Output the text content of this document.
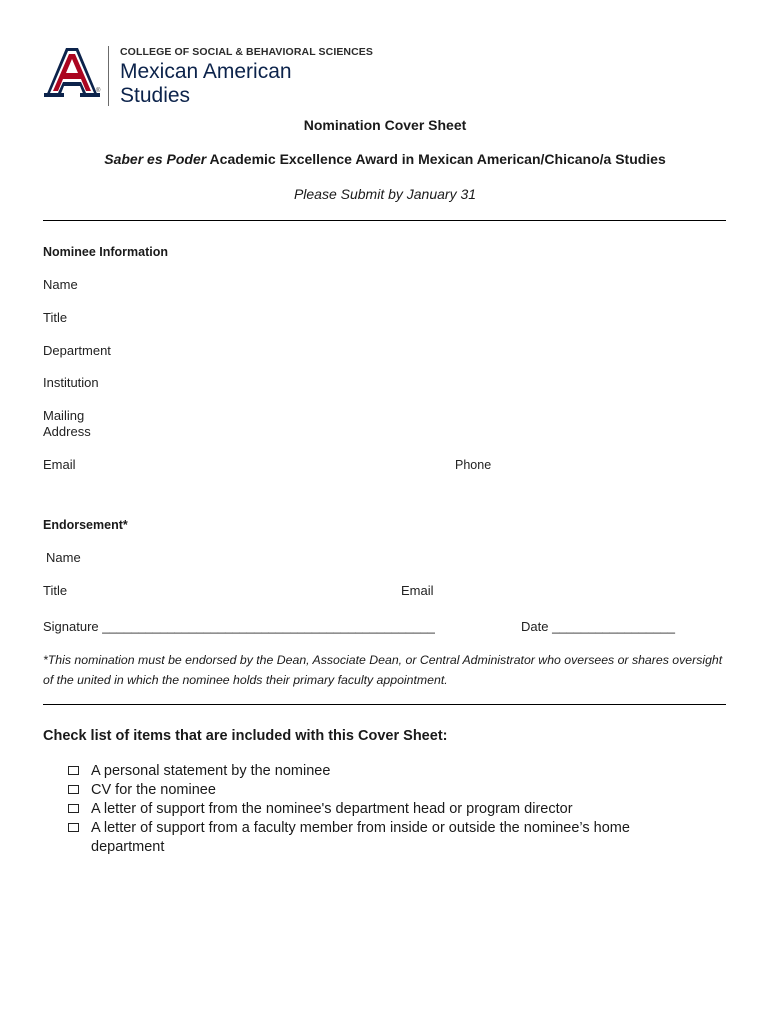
®
COLLEGE OF SOCIAL & BEHAVIORAL SCIENCES
Mexican American
Studies
Nomination Cover Sheet
Saber es Poder Academic Excellence Award in Mexican American/Chicano/a Studies
Please Submit by January 31
Nominee Information
Name
Title
Department
Institution
Mailing
Address
Email	Phone
Endorsement*
Name
Title	Email
Signature ______________________________________________	Date _________________
*This nomination must be endorsed by the Dean, Associate Dean, or Central Administrator who oversees or shares oversight of the united in which the nominee holds their primary faculty appointment.
Check list of items that are included with this Cover Sheet:
A personal statement by the nominee
CV for the nominee
A letter of support from the nominee's department head or program director
A letter of support from a faculty member from inside or outside the nominee’s home department
